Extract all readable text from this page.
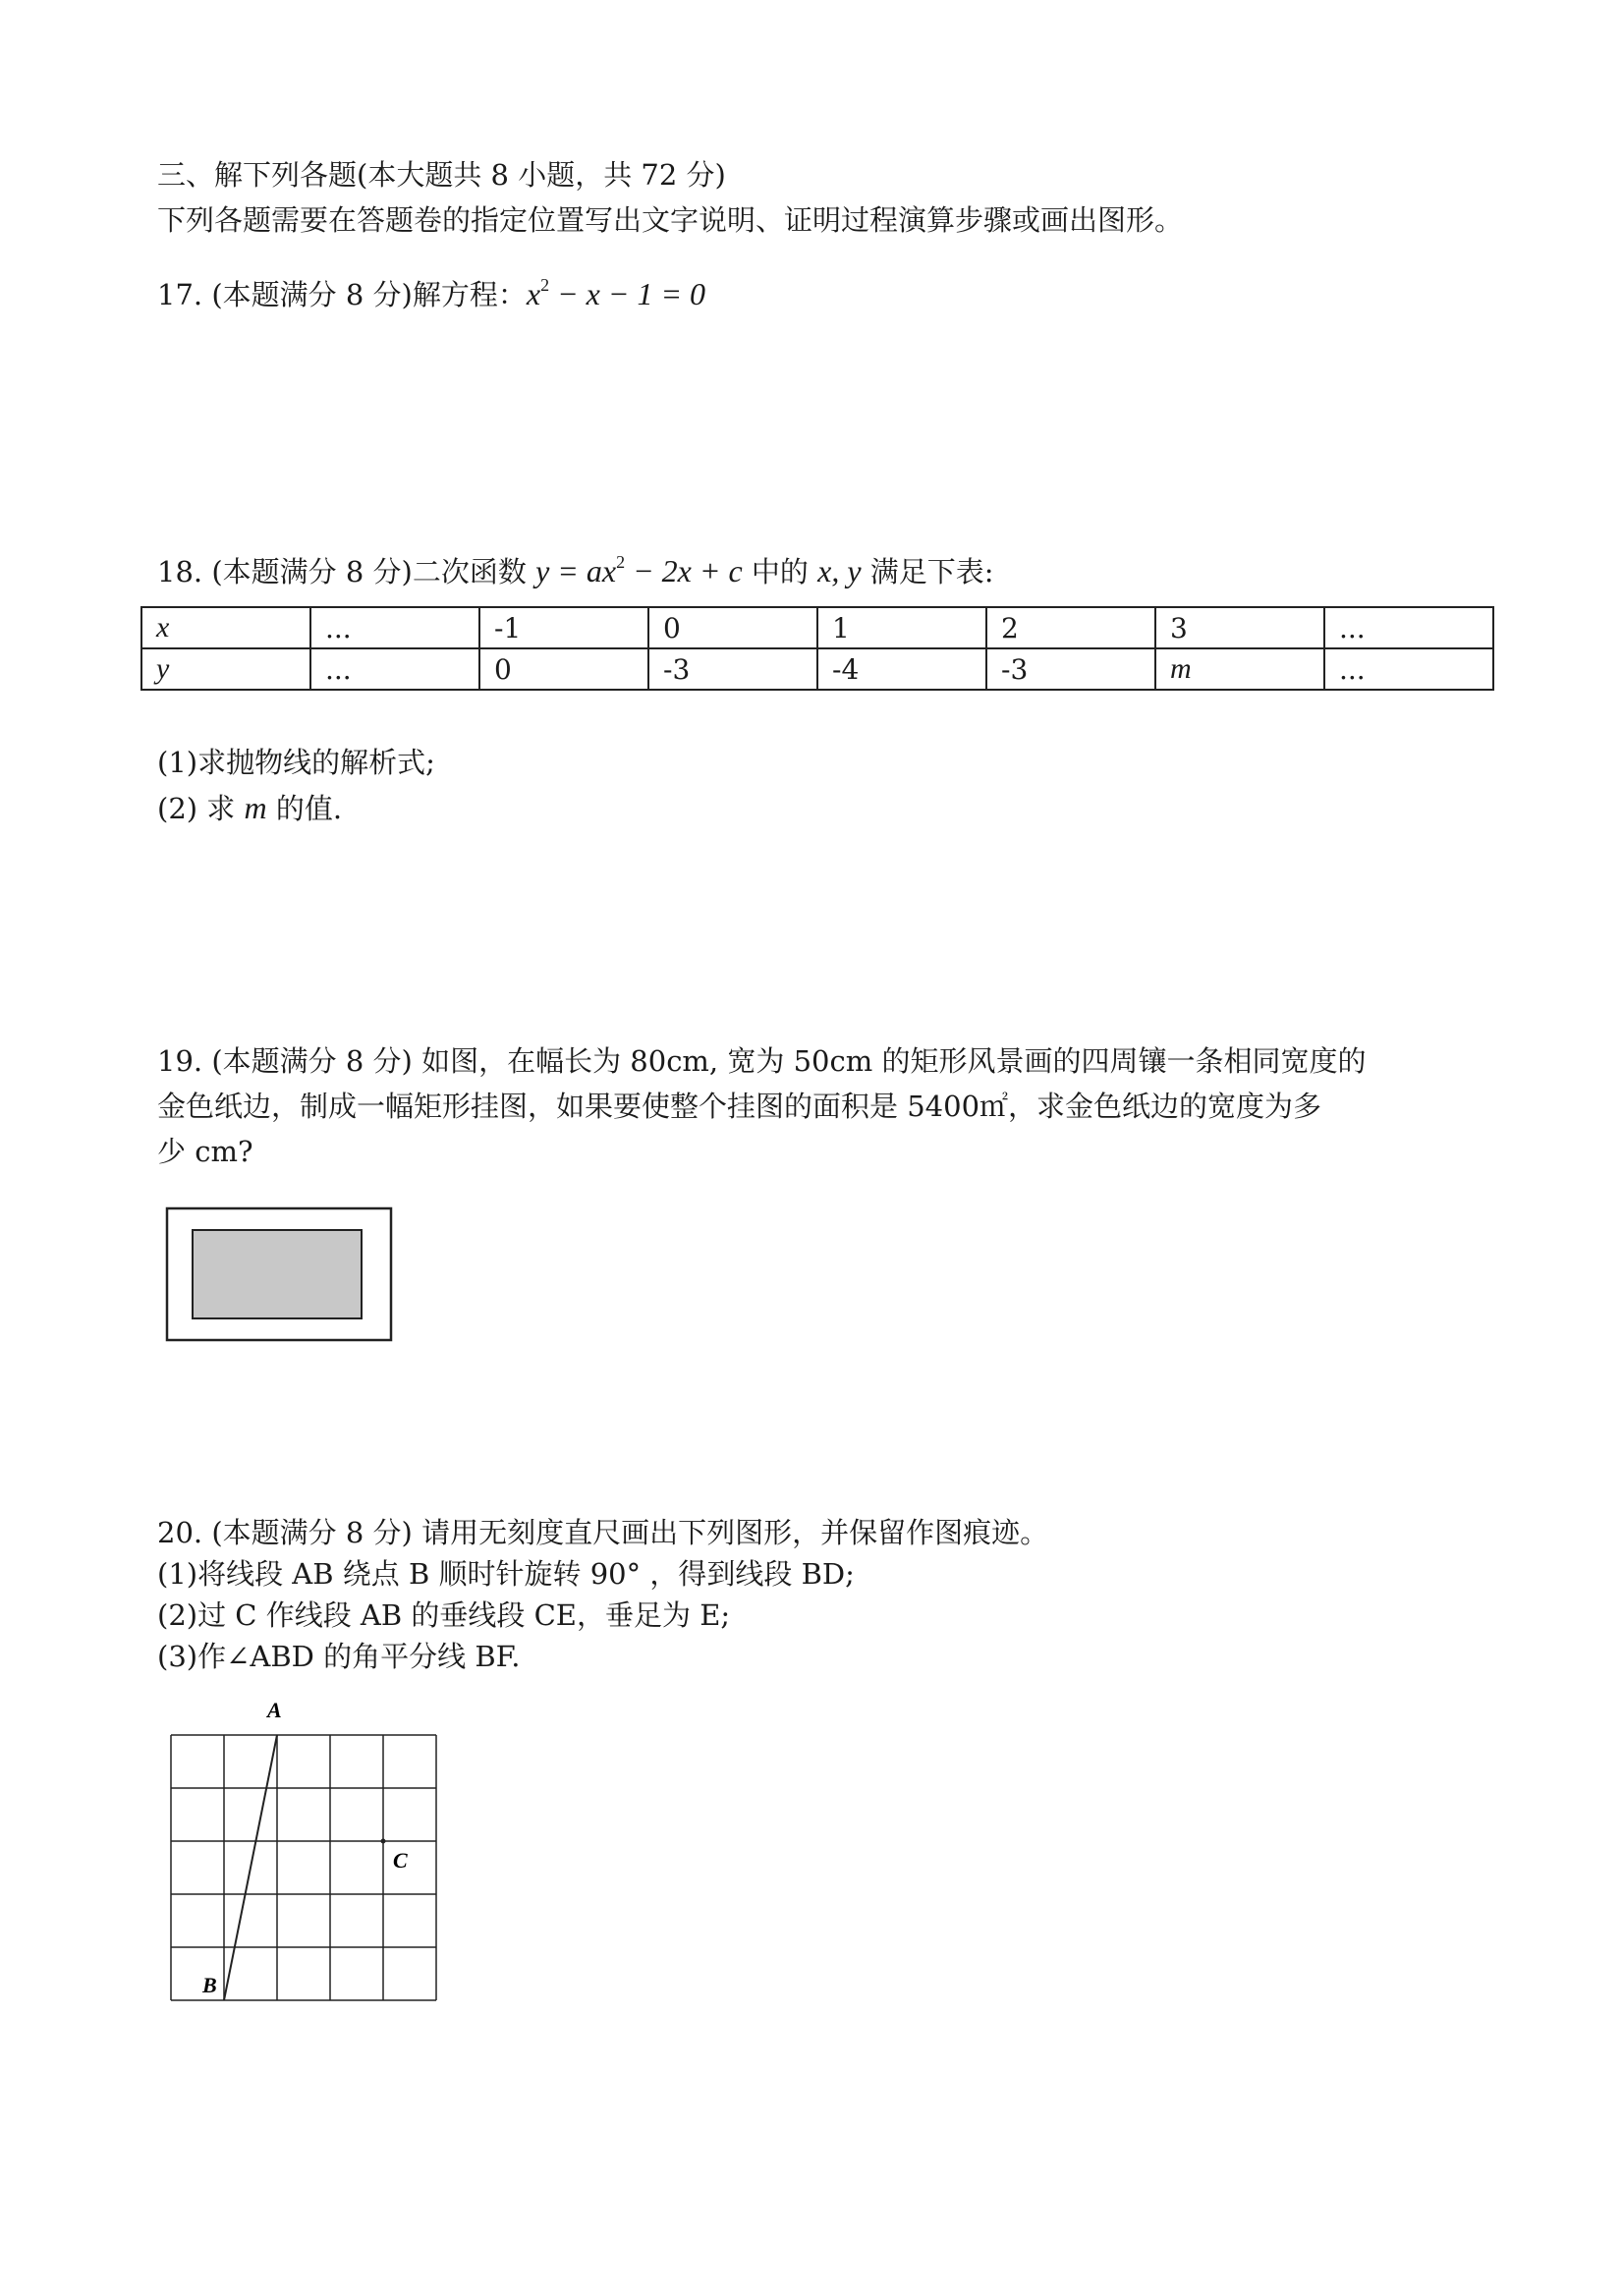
三、解下列各题(本大题共 8 小题，共 72 分)
下列各题需要在答题卷的指定位置写出文字说明、证明过程演算步骤或画出图形。
17. (本题满分 8 分)解方程：$x^2 - x - 1 = 0$
18. (本题满分 8 分)二次函数 $y = ax^2 - 2x + c$ 中的 x, y 满足下表:
x	...	-1	0	1	2	3	...
y	...	0	-3	-4	-3	m	...
(1)求抛物线的解析式;
(2) 求 m 的值.
19. (本题满分 8 分) 如图，在幅长为 80cm, 宽为 50cm 的矩形风景画的四周镶一条相同宽度的
金色纸边，制成一幅矩形挂图，如果要使整个挂图的面积是 5400㎡，求金色纸边的宽度为多
少 cm?
20. (本题满分 8 分) 请用无刻度直尺画出下列图形，并保留作图痕迹。
(1)将线段 AB 绕点 B 顺时针旋转 90° ，得到线段 BD;
(2)过 C 作线段 AB 的垂线段 CE，垂足为 E;
(3)作∠ABD 的角平分线 BF.
A
C
B
